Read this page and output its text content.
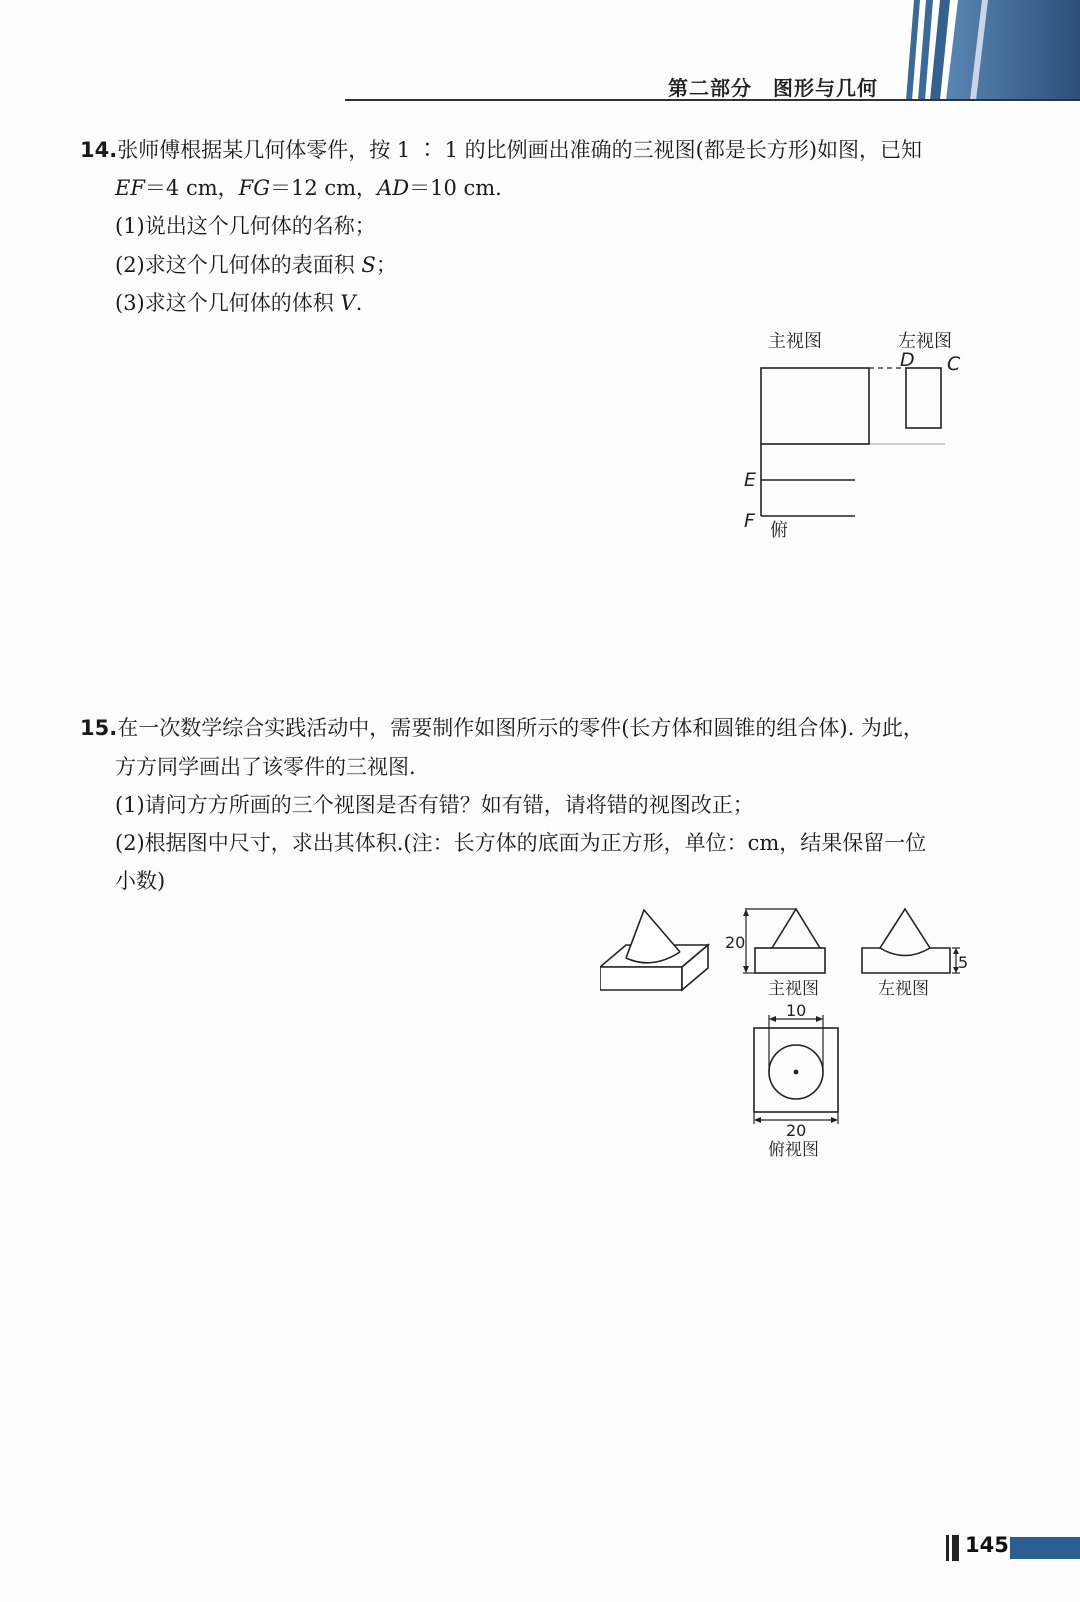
第二部分　图形与几何
14.张师傅根据某几何体零件，按 1 ∶ 1 的比例画出准确的三视图(都是长方形)如图，已知
EF＝4 cm，FG＝12 cm，AD＝10 cm.
(1)说出这个几何体的名称；
(2)求这个几何体的表面积 S；
(3)求这个几何体的体积 V.
主视图	左视图
D C
E
F 俯
15.在一次数学综合实践活动中，需要制作如图所示的零件(长方体和圆锥的组合体). 为此，
方方同学画出了该零件的三视图.
(1)请问方方所画的三个视图是否有错？如有错，请将错的视图改正；
(2)根据图中尺寸，求出其体积.(注：长方体的底面为正方形，单位：cm，结果保留一位
小数)
20
主视图
5
左视图
10
20
俯视图
145
